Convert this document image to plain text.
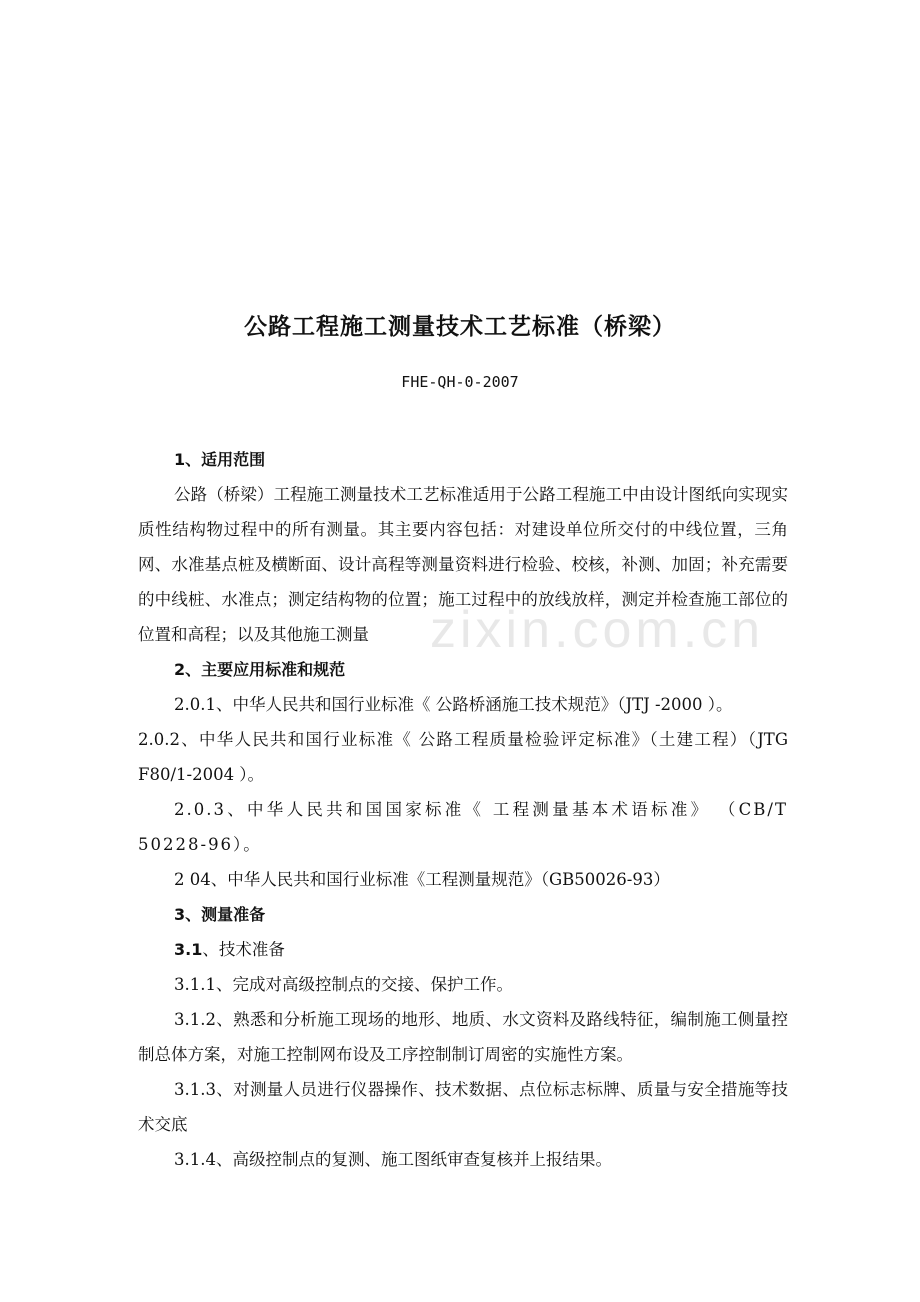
公路工程施工测量技术工艺标准（桥梁）
FHE-QH-0-2007

1、适用范围

公路（桥梁）工程施工测量技术工艺标准适用于公路工程施工中由设计图纸向实现实质性结构物过程中的所有测量。其主要内容包括：对建设单位所交付的中线位置，三角网、水准基点桩及横断面、设计高程等测量资料进行检验、校核，补测、加固；补充需要的中线桩、水准点；测定结构物的位置；施工过程中的放线放样，测定并检查施工部位的位置和高程；以及其他施工测量

2、主要应用标准和规范

2.0.1、中华人民共和国行业标准《 公路桥涵施工技术规范》（JTJ -2000 ）。

2.0.2、中华人民共和国行业标准《 公路工程质量检验评定标准》（土建工程）（JTG F80/1-2004 ）。

2.0.3、中华人民共和国国家标准《 工程测量基本术语标准》 （CB/T 50228-96）。

2 04、中华人民共和国行业标准《工程测量规范》（GB50026-93）

3、测量准备

3.1、技术准备

3.1.1、完成对高级控制点的交接、保护工作。

3.1.2、熟悉和分析施工现场的地形、地质、水文资料及路线特征，编制施工侧量控制总体方案，对施工控制网布设及工序控制制订周密的实施性方案。

3.1.3、对测量人员进行仪器操作、技术数据、点位标志标牌、质量与安全措施等技术交底

3.1.4、高级控制点的复测、施工图纸审查复核并上报结果。

zixin.com.cn
